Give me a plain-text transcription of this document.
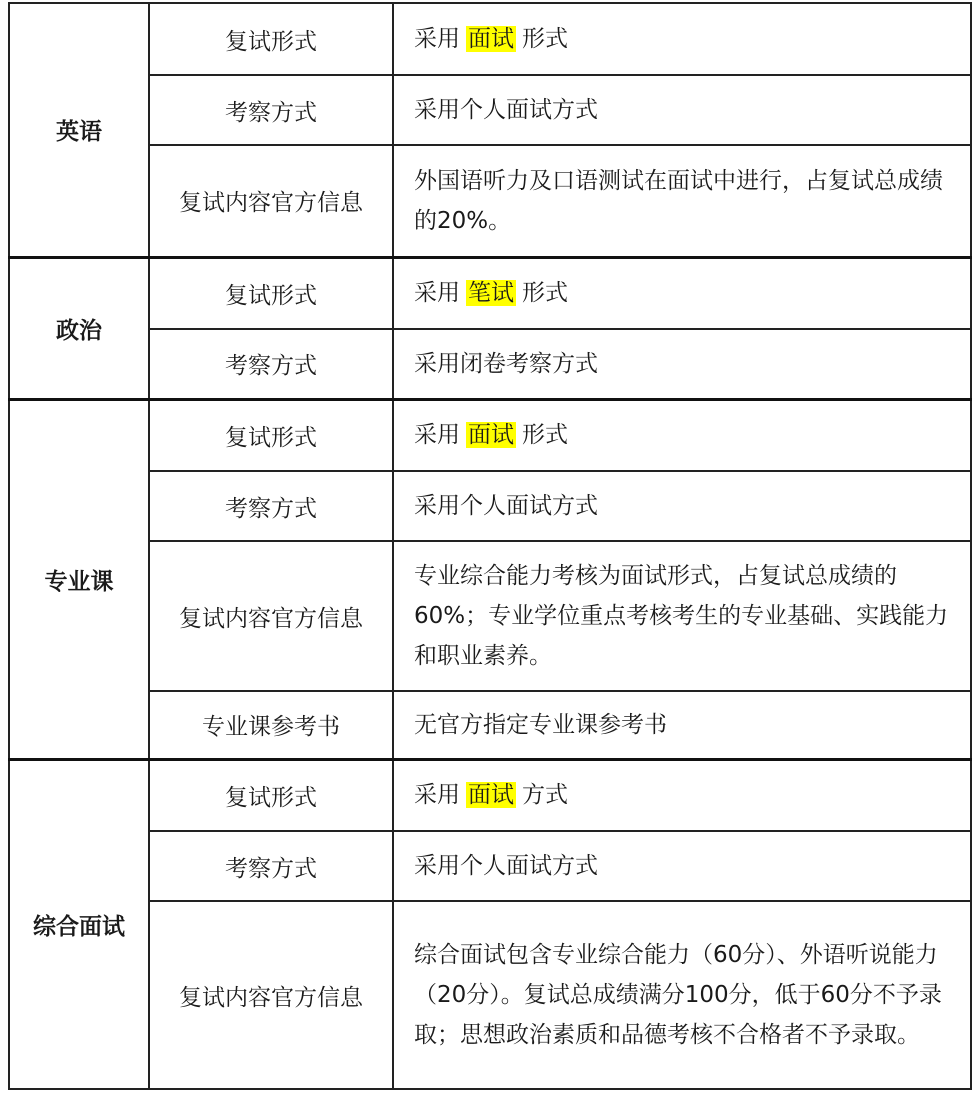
英语	复试形式	采用 面试 形式
	考察方式	采用个人面试方式
	复试内容官方信息	外国语听力及口语测试在面试中进行，占复试总成绩的20%。
政治	复试形式	采用 笔试 形式
	考察方式	采用闭卷考察方式
专业课	复试形式	采用 面试 形式
	考察方式	采用个人面试方式
	复试内容官方信息	专业综合能力考核为面试形式，占复试总成绩的60%；专业学位重点考核考生的专业基础、实践能力和职业素养。
	专业课参考书	无官方指定专业课参考书
综合面试	复试形式	采用 面试 方式
	考察方式	采用个人面试方式
	复试内容官方信息	综合面试包含专业综合能力（60分）、外语听说能力（20分）。复试总成绩满分100分，低于60分不予录取；思想政治素质和品德考核不合格者不予录取。
